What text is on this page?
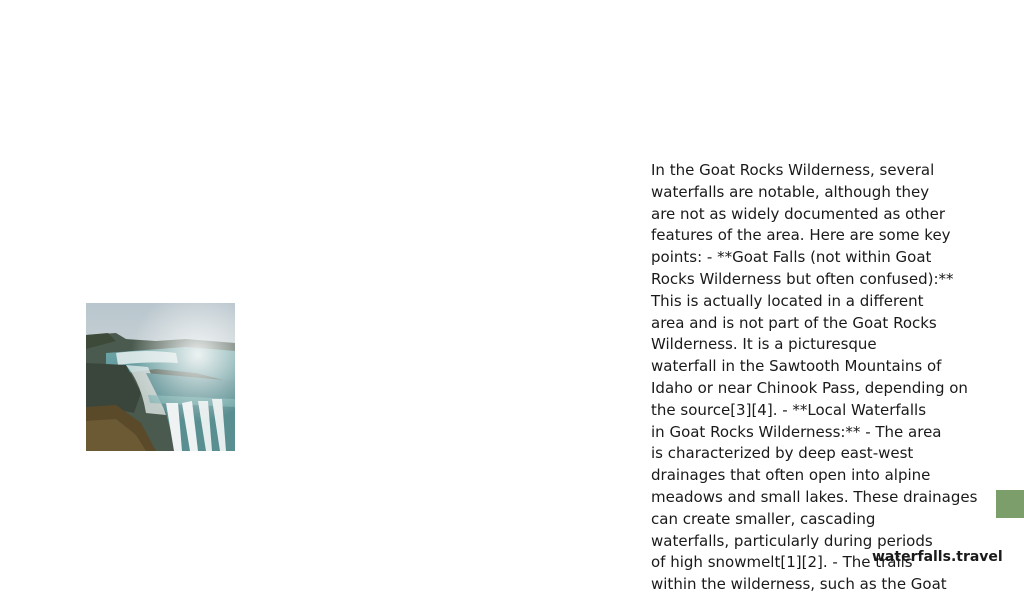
In the Goat Rocks Wilderness, several
waterfalls are notable, although they
are not as widely documented as other
features of the area. Here are some key
points: - **Goat Falls (not within Goat
Rocks Wilderness but often confused):**
This is actually located in a different
area and is not part of the Goat Rocks
Wilderness. It is a picturesque
waterfall in the Sawtooth Mountains of
Idaho or near Chinook Pass, depending on
the source[3][4]. - **Local Waterfalls
in Goat Rocks Wilderness:** - The area
is characterized by deep east-west
drainages that often open into alpine
meadows and small lakes. These drainages
can create smaller, cascading
waterfalls, particularly during periods
of high snowmelt[1][2]. - The trails
within the wilderness, such as the Goat
waterfalls.travel
